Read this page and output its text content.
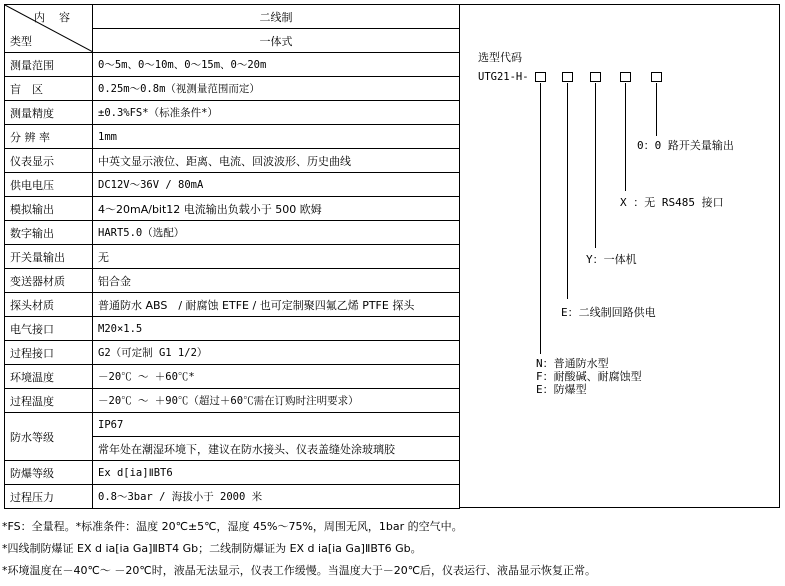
内容
类型	二线制
	一体式
测量范围	0～5m、0～10m、0～15m、0～20m
盲　区	0.25m～0.8m（视测量范围而定）
测量精度	±0.3%FS*（标准条件*）
分 辨 率	1mm
仪表显示	中英文显示液位、距离、电流、回波波形、历史曲线
供电电压	DC12V～36V / 80mA
模拟输出	4～20mA/bit12 电流输出负载小于 500 欧姆
数字输出	HART5.0（选配）
开关量输出	无
变送器材质	铝合金
探头材质	普通防水 ABS　/ 耐腐蚀 ETFE / 也可定制聚四氟乙烯 PTFE 探头
电气接口	M20×1.5
过程接口	G2（可定制 G1 1/2）
环境温度	－20℃ ～ ＋60℃*
过程温度	－20℃ ～ ＋90℃（超过＋60℃需在订购时注明要求）
防水等级	IP67
	常年处在潮湿环境下，建议在防水接头、仪表盖缝处涂玻璃胶
防爆等级	Ex d[ia]ⅡBT6
过程压力	0.8～3bar / 海拔小于 2000 米
选型代码
UTG21-H-
0：0 路开关量输出
X ：无 RS485 接口
Y：一体机
E：二线制回路供电
N：普通防水型
F：耐酸碱、耐腐蚀型
E：防爆型
*FS：全量程。*标准条件：温度 20℃±5℃，湿度 45%～75%，周围无风，1bar 的空气中。
*四线制防爆证 EX d ia[ia Ga]ⅡBT4 Gb；二线制防爆证为 EX d ia[ia Ga]ⅡBT6 Gb。
*环境温度在－40℃～ －20℃时，液晶无法显示，仪表工作缓慢。当温度大于－20℃后，仪表运行、液晶显示恢复正常。
